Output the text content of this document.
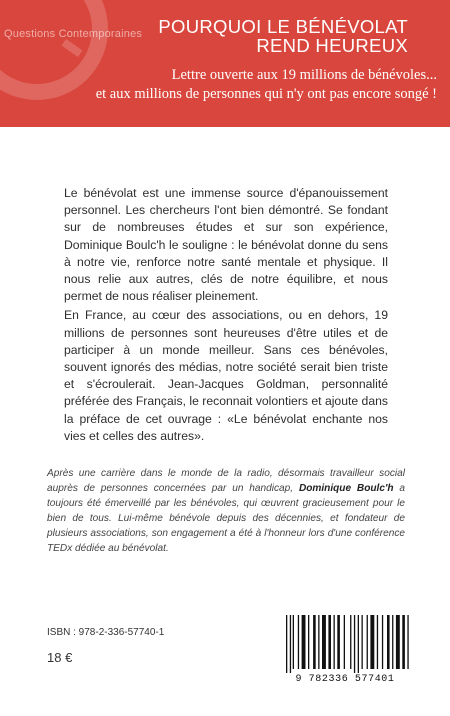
Questions Contemporaines POURQUOI LE BÉNÉVOLAT
REND HEUREUX
Lettre ouverte aux 19 millions de bénévoles...
et aux millions de personnes qui n'y ont pas encore songé !

Le bénévolat est une immense source d'épanouissement personnel. Les chercheurs l'ont bien démontré. Se fondant sur de nombreuses études et sur son expérience, Dominique Boulc'h le souligne : le bénévolat donne du sens à notre vie, renforce notre santé mentale et physique. Il nous relie aux autres, clés de notre équilibre, et nous permet de nous réaliser pleinement.

En France, au cœur des associations, ou en dehors, 19 millions de personnes sont heureuses d'être utiles et de participer à un monde meilleur. Sans ces bénévoles, souvent ignorés des médias, notre société serait bien triste et s'écroulerait. Jean-Jacques Goldman, personnalité préférée des Français, le reconnait volontiers et ajoute dans la préface de cet ouvrage : «Le bénévolat enchante nos vies et celles des autres».

Après une carrière dans le monde de la radio, désormais travailleur social auprès de personnes concernées par un handicap, Dominique Boulc'h a toujours été émerveillé par les bénévoles, qui œuvrent gracieusement pour le bien de tous. Lui-même bénévole depuis des décennies, et fondateur de plusieurs associations, son engagement a été à l'honneur lors d'une conférence TEDx dédiée au bénévolat.
ISBN : 978-2-336-57740-1
18 €
9 782336 577401
